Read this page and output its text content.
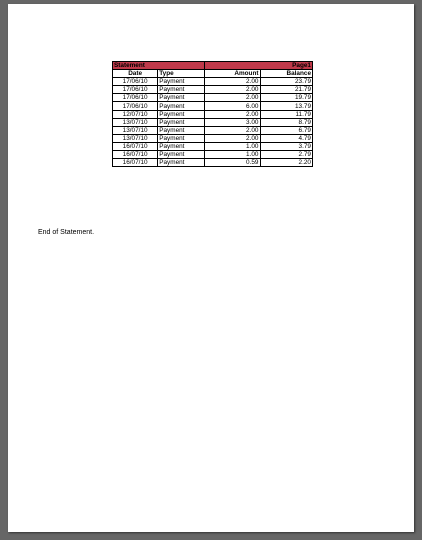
Statement		Page1	
Date	Type	Amount	Balance
17/06/10	Payment	2.00	23.79
17/06/10	Payment	2.00	21.79
17/06/10	Payment	2.00	19.79
17/06/10	Payment	6.00	13.79
12/07/10	Payment	2.00	11.79
13/07/10	Payment	3.00	8.79
13/07/10	Payment	2.00	6.79
13/07/10	Payment	2.00	4.79
16/07/10	Payment	1.00	3.79
16/07/10	Payment	1.00	2.79
16/07/10	Payment	0.59	2.20
End of Statement.
